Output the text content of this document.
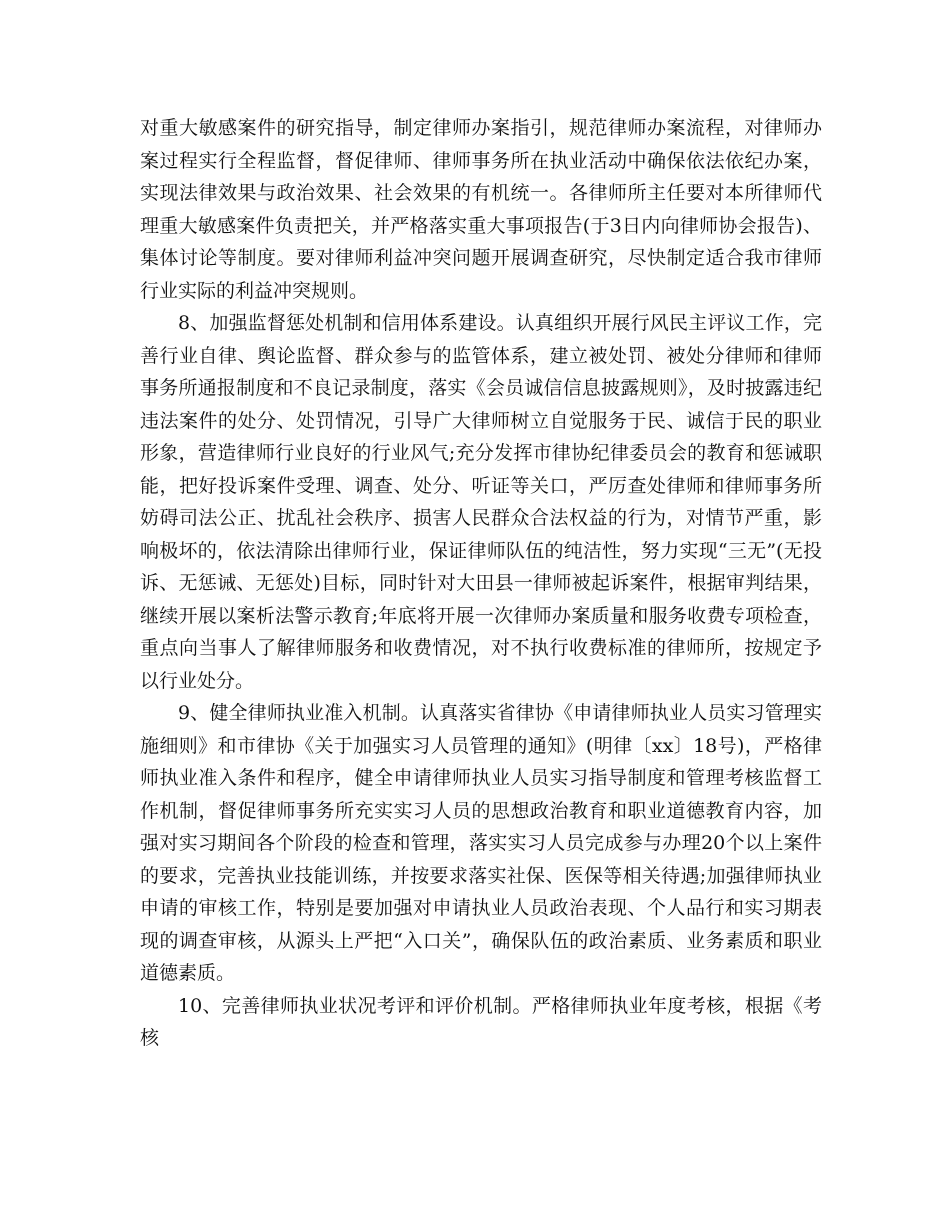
对重大敏感案件的研究指导，制定律师办案指引，规范律师办案流程，对律师办案过程实行全程监督，督促律师、律师事务所在执业活动中确保依法依纪办案，实现法律效果与政治效果、社会效果的有机统一。各律师所主任要对本所律师代理重大敏感案件负责把关，并严格落实重大事项报告(于3日内向律师协会报告)、集体讨论等制度。要对律师利益冲突问题开展调查研究，尽快制定适合我市律师行业实际的利益冲突规则。

8、加强监督惩处机制和信用体系建设。认真组织开展行风民主评议工作，完善行业自律、舆论监督、群众参与的监管体系，建立被处罚、被处分律师和律师事务所通报制度和不良记录制度，落实《会员诚信信息披露规则》，及时披露违纪违法案件的处分、处罚情况，引导广大律师树立自觉服务于民、诚信于民的职业形象，营造律师行业良好的行业风气;充分发挥市律协纪律委员会的教育和惩诫职能，把好投诉案件受理、调查、处分、听证等关口，严厉查处律师和律师事务所妨碍司法公正、扰乱社会秩序、损害人民群众合法权益的行为，对情节严重，影响极坏的，依法清除出律师行业，保证律师队伍的纯洁性，努力实现“三无”(无投诉、无惩诫、无惩处)目标，同时针对大田县一律师被起诉案件，根据审判结果，继续开展以案析法警示教育;年底将开展一次律师办案质量和服务收费专项检查，重点向当事人了解律师服务和收费情况，对不执行收费标准的律师所，按规定予以行业处分。

9、健全律师执业准入机制。认真落实省律协《申请律师执业人员实习管理实施细则》和市律协《关于加强实习人员管理的通知》(明律〔xx〕18号)，严格律师执业准入条件和程序，健全申请律师执业人员实习指导制度和管理考核监督工作机制，督促律师事务所充实实习人员的思想政治教育和职业道德教育内容，加强对实习期间各个阶段的检查和管理，落实实习人员完成参与办理20个以上案件的要求，完善执业技能训练，并按要求落实社保、医保等相关待遇;加强律师执业申请的审核工作，特别是要加强对申请执业人员政治表现、个人品行和实习期表现的调查审核，从源头上严把“入口关”，确保队伍的政治素质、业务素质和职业道德素质。

10、完善律师执业状况考评和评价机制。严格律师执业年度考核，根据《考核
